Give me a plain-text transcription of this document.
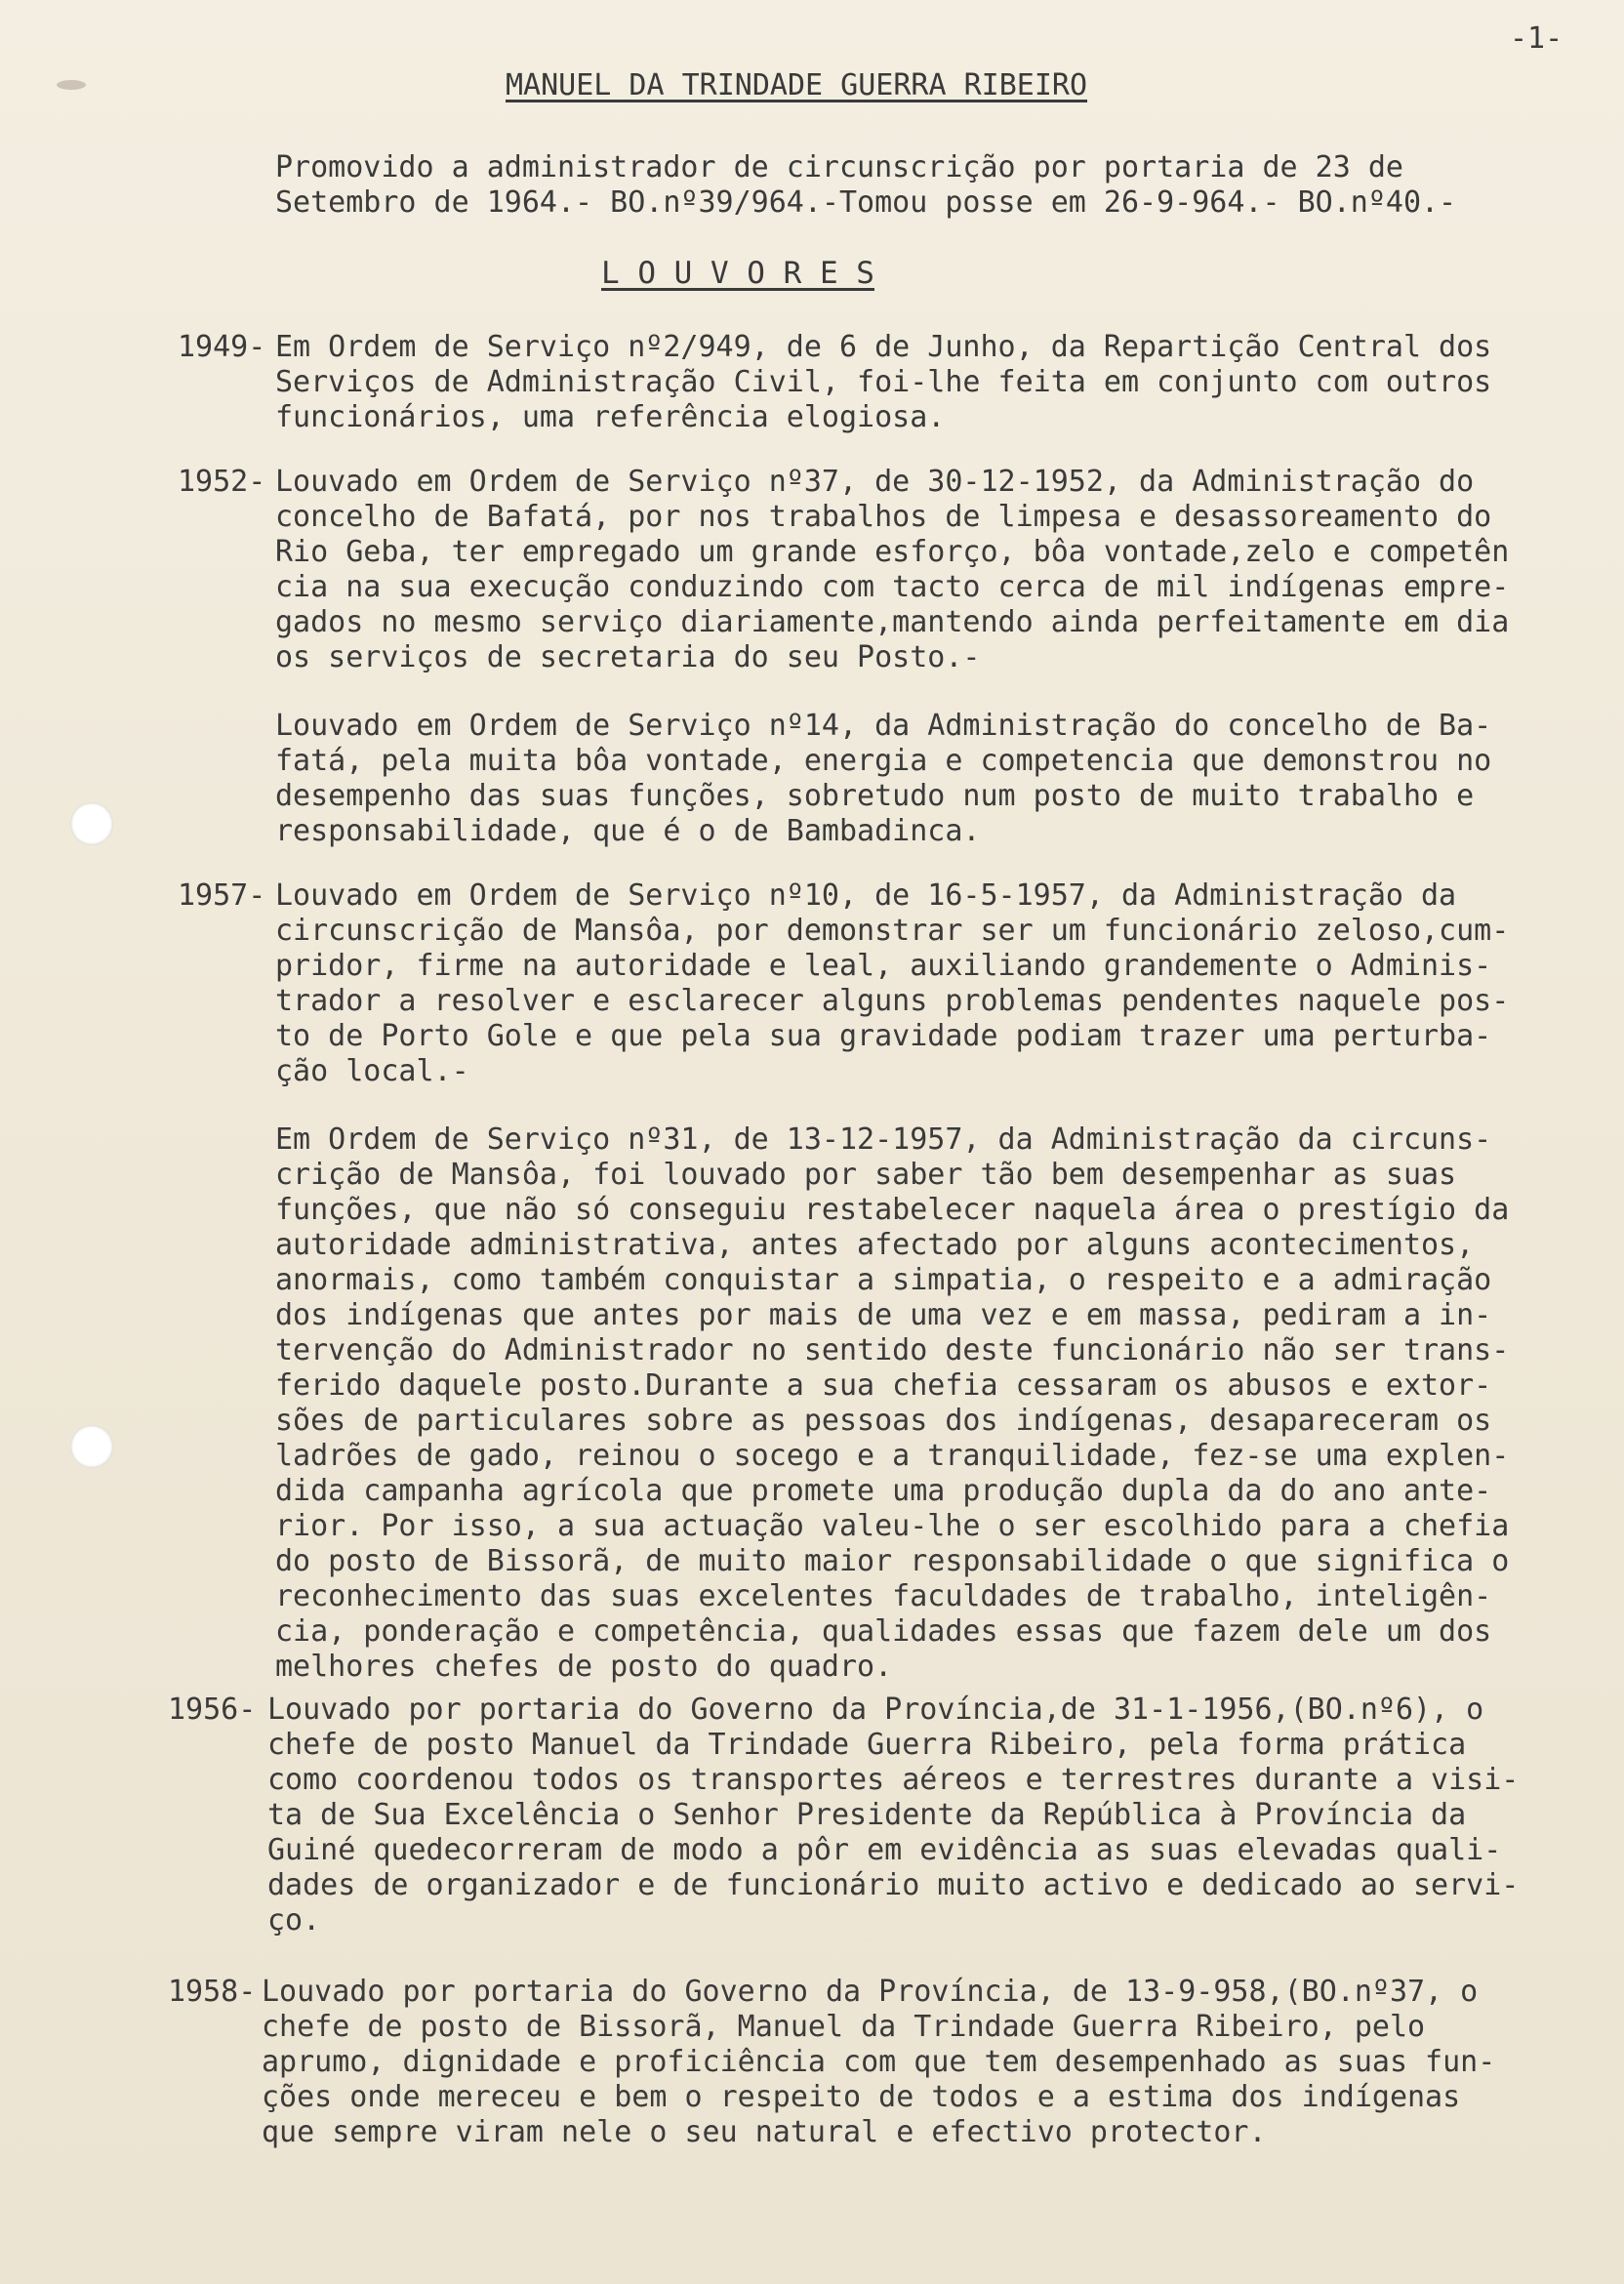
-1-
MANUEL DA TRINDADE GUERRA RIBEIRO
Promovido a administrador de circunscrição por portaria de 23 de
Setembro de 1964.- BO.nº39/964.-Tomou posse em 26-9-964.- BO.nº40.-
L O U V O R E S
1949- Em Ordem de Serviço nº2/949, de 6 de Junho, da Repartição Central dos
Serviços de Administração Civil, foi-lhe feita em conjunto com outros
funcionários, uma referência elogiosa.
1952- Louvado em Ordem de Serviço nº37, de 30-12-1952, da Administração do
concelho de Bafatá, por nos trabalhos de limpesa e desassoreamento do
Rio Geba, ter empregado um grande esforço, bôa vontade,zelo e competên
cia na sua execução conduzindo com tacto cerca de mil indígenas empre-
gados no mesmo serviço diariamente,mantendo ainda perfeitamente em dia
os serviços de secretaria do seu Posto.-
Louvado em Ordem de Serviço nº14, da Administração do concelho de Ba-
fatá, pela muita bôa vontade, energia e competencia que demonstrou no
desempenho das suas funções, sobretudo num posto de muito trabalho e
responsabilidade, que é o de Bambadinca.
1957- Louvado em Ordem de Serviço nº10, de 16-5-1957, da Administração da
circunscrição de Mansôa, por demonstrar ser um funcionário zeloso,cum-
pridor, firme na autoridade e leal, auxiliando grandemente o Adminis-
trador a resolver e esclarecer alguns problemas pendentes naquele pos-
to de Porto Gole e que pela sua gravidade podiam trazer uma perturba-
ção local.-
Em Ordem de Serviço nº31, de 13-12-1957, da Administração da circuns-
crição de Mansôa, foi louvado por saber tão bem desempenhar as suas
funções, que não só conseguiu restabelecer naquela área o prestígio da
autoridade administrativa, antes afectado por alguns acontecimentos,
anormais, como também conquistar a simpatia, o respeito e a admiração
dos indígenas que antes por mais de uma vez e em massa, pediram a in-
tervenção do Administrador no sentido deste funcionário não ser trans-
ferido daquele posto.Durante a sua chefia cessaram os abusos e extor-
sões de particulares sobre as pessoas dos indígenas, desapareceram os
ladrões de gado, reinou o socego e a tranquilidade, fez-se uma explen-
dida campanha agrícola que promete uma produção dupla da do ano ante-
rior. Por isso, a sua actuação valeu-lhe o ser escolhido para a chefia
do posto de Bissorã, de muito maior responsabilidade o que significa o
reconhecimento das suas excelentes faculdades de trabalho, inteligên-
cia, ponderação e competência, qualidades essas que fazem dele um dos
melhores chefes de posto do quadro.
1956- Louvado por portaria do Governo da Província,de 31-1-1956,(BO.nº6), o
chefe de posto Manuel da Trindade Guerra Ribeiro, pela forma prática
como coordenou todos os transportes aéreos e terrestres durante a visi-
ta de Sua Excelência o Senhor Presidente da República à Província da
Guiné quedecorreram de modo a pôr em evidência as suas elevadas quali-
dades de organizador e de funcionário muito activo e dedicado ao servi-
ço.
1958- Louvado por portaria do Governo da Província, de 13-9-958,(BO.nº37, o
chefe de posto de Bissorã, Manuel da Trindade Guerra Ribeiro, pelo
aprumo, dignidade e proficiência com que tem desempenhado as suas fun-
ções onde mereceu e bem o respeito de todos e a estima dos indígenas
que sempre viram nele o seu natural e efectivo protector.
